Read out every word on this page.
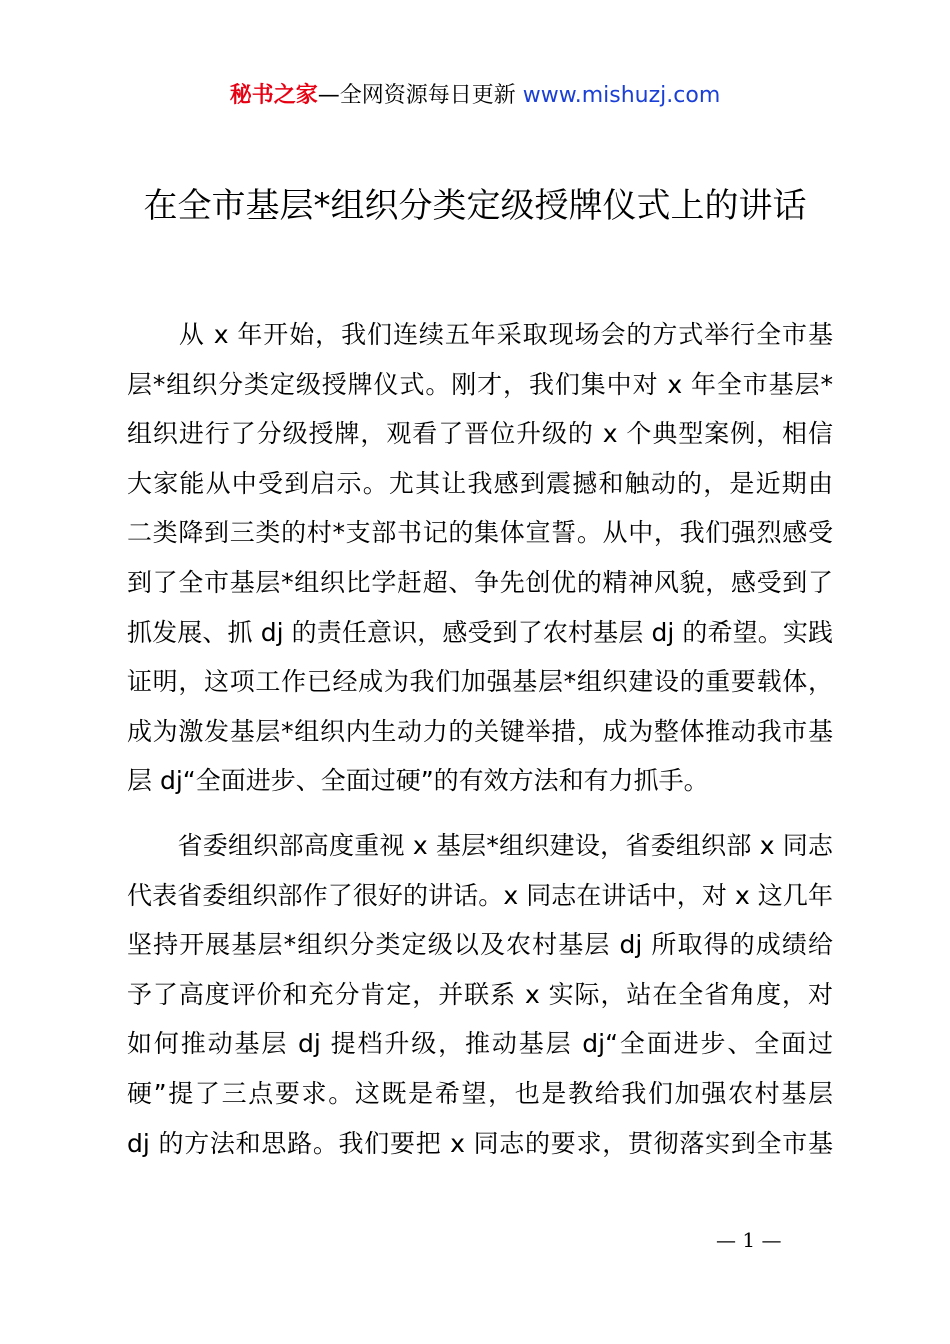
秘书之家—全网资源每日更新 www.mishuzj.com
在全市基层*组织分类定级授牌仪式上的讲话

　　从 x 年开始，我们连续五年采取现场会的方式举行全市基
层*组织分类定级授牌仪式。刚才，我们集中对 x 年全市基层*
组织进行了分级授牌，观看了晋位升级的 x 个典型案例，相信
大家能从中受到启示。尤其让我感到震撼和触动的，是近期由
二类降到三类的村*支部书记的集体宣誓。从中，我们强烈感受
到了全市基层*组织比学赶超、争先创优的精神风貌，感受到了
抓发展、抓 dj 的责任意识，感受到了农村基层 dj 的希望。实践
证明，这项工作已经成为我们加强基层*组织建设的重要载体，
成为激发基层*组织内生动力的关键举措，成为整体推动我市基
层 dj“全面进步、全面过硬”的有效方法和有力抓手。

　　省委组织部高度重视 x 基层*组织建设，省委组织部 x 同志
代表省委组织部作了很好的讲话。x 同志在讲话中，对 x 这几年
坚持开展基层*组织分类定级以及农村基层 dj 所取得的成绩给
予了高度评价和充分肯定，并联系 x 实际，站在全省角度，对
如何推动基层 dj 提档升级，推动基层 dj“全面进步、全面过
硬”提了三点要求。这既是希望，也是教给我们加强农村基层
dj 的方法和思路。我们要把 x 同志的要求，贯彻落实到全市基

— 1 —
